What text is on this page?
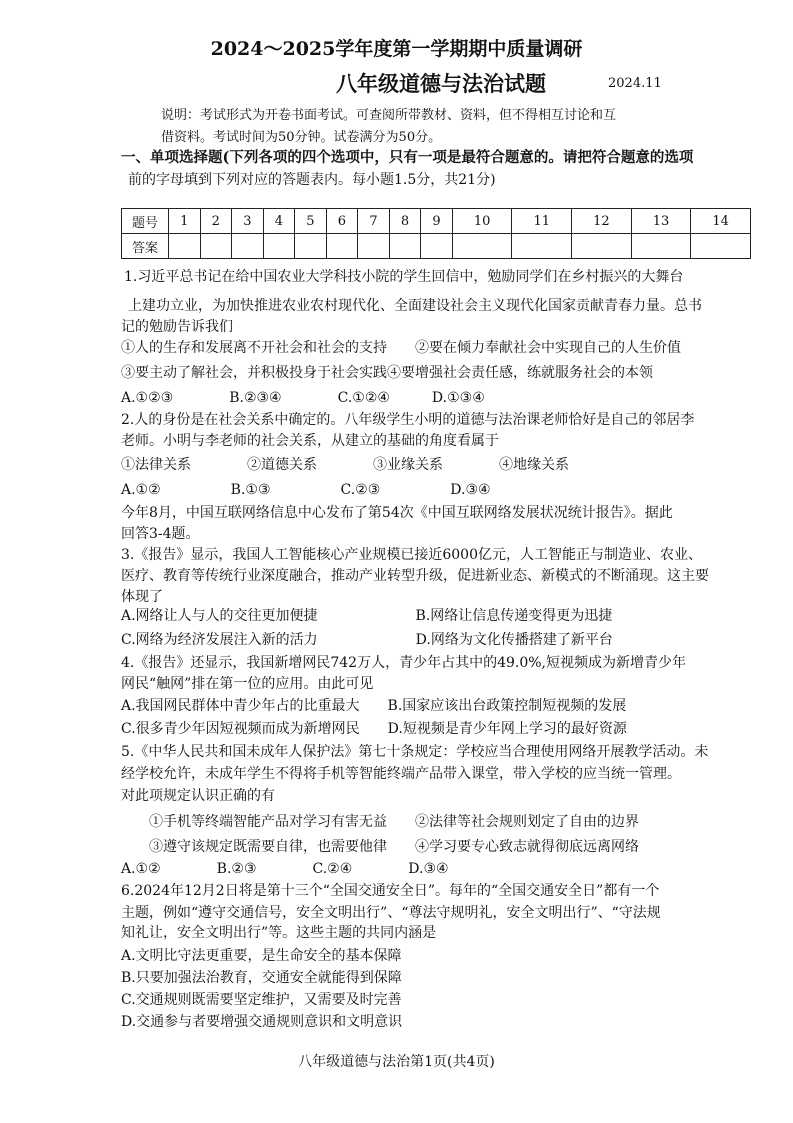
2024～2025学年度第一学期期中质量调研
八年级道德与法治试题	2024.11
说明：考试形式为开卷书面考试。可查阅所带教材、资料，但不得相互讨论和互
借资料。考试时间为50分钟。试卷满分为50分。
一、单项选择题(下列各项的四个选项中，只有一项是最符合题意的。请把符合题意的选项
前的字母填到下列对应的答题表内。每小题1.5分，共21分)
题号	1	2	3	4	5	6	7	8	9	10	11	12	13	14
答案														
1.习近平总书记在给中国农业大学科技小院的学生回信中，勉励同学们在乡村振兴的大舞台
上建功立业，为加快推进农业农村现代化、全面建设社会主义现代化国家贡献青春力量。总书
记的勉励告诉我们
①人的生存和发展离不开社会和社会的支持　　②要在倾力奉献社会中实现自己的人生价值
③要主动了解社会，并积极投身于社会实践④要增强社会责任感，练就服务社会的本领
A.①②③　　　　B.②③④　　　　C.①②④　　　D.①③④
2.人的身份是在社会关系中确定的。八年级学生小明的道德与法治课老师恰好是自己的邻居李
老师。小明与李老师的社会关系，从建立的基础的角度看属于
①法律关系　　　　②道德关系　　　　③业缘关系　　　　④地缘关系
A.①②　　　　　B.①③　　　　　C.②③　　　　　D.③④
今年8月，中国互联网络信息中心发布了第54次《中国互联网络发展状况统计报告》。据此
回答3-4题。
3.《报告》显示，我国人工智能核心产业规模已接近6000亿元，人工智能正与制造业、农业、
医疗、教育等传统行业深度融合，推动产业转型升级，促进新业态、新模式的不断涌现。这主要
体现了
A.网络让人与人的交往更加便捷　　　　　　　B.网络让信息传递变得更为迅捷
C.网络为经济发展注入新的活力　　　　　　　D.网络为文化传播搭建了新平台
4.《报告》还显示，我国新增网民742万人，青少年占其中的49.0%,短视频成为新增青少年
网民“触网”排在第一位的应用。由此可见
A.我国网民群体中青少年占的比重最大　　B.国家应该出台政策控制短视频的发展
C.很多青少年因短视频而成为新增网民　　D.短视频是青少年网上学习的最好资源
5.《中华人民共和国未成年人保护法》第七十条规定：学校应当合理使用网络开展教学活动。未
经学校允许，未成年学生不得将手机等智能终端产品带入课堂，带入学校的应当统一管理。
对此项规定认识正确的有
　　①手机等终端智能产品对学习有害无益　　②法律等社会规则划定了自由的边界
　　③遵守该规定既需要自律，也需要他律　　④学习要专心致志就得彻底远离网络
A.①②　　　　B.②③　　　　C.②④　　　　D.③④
6.2024年12月2日将是第十三个“全国交通安全日”。每年的“全国交通安全日”都有一个
主题，例如“遵守交通信号，安全文明出行”、“尊法守规明礼，安全文明出行”、“守法规
知礼让，安全文明出行”等。这些主题的共同内涵是
A.文明比守法更重要，是生命安全的基本保障
B.只要加强法治教育，交通安全就能得到保障
C.交通规则既需要坚定维护，又需要及时完善
D.交通参与者要增强交通规则意识和文明意识
八年级道德与法治第1页(共4页)
